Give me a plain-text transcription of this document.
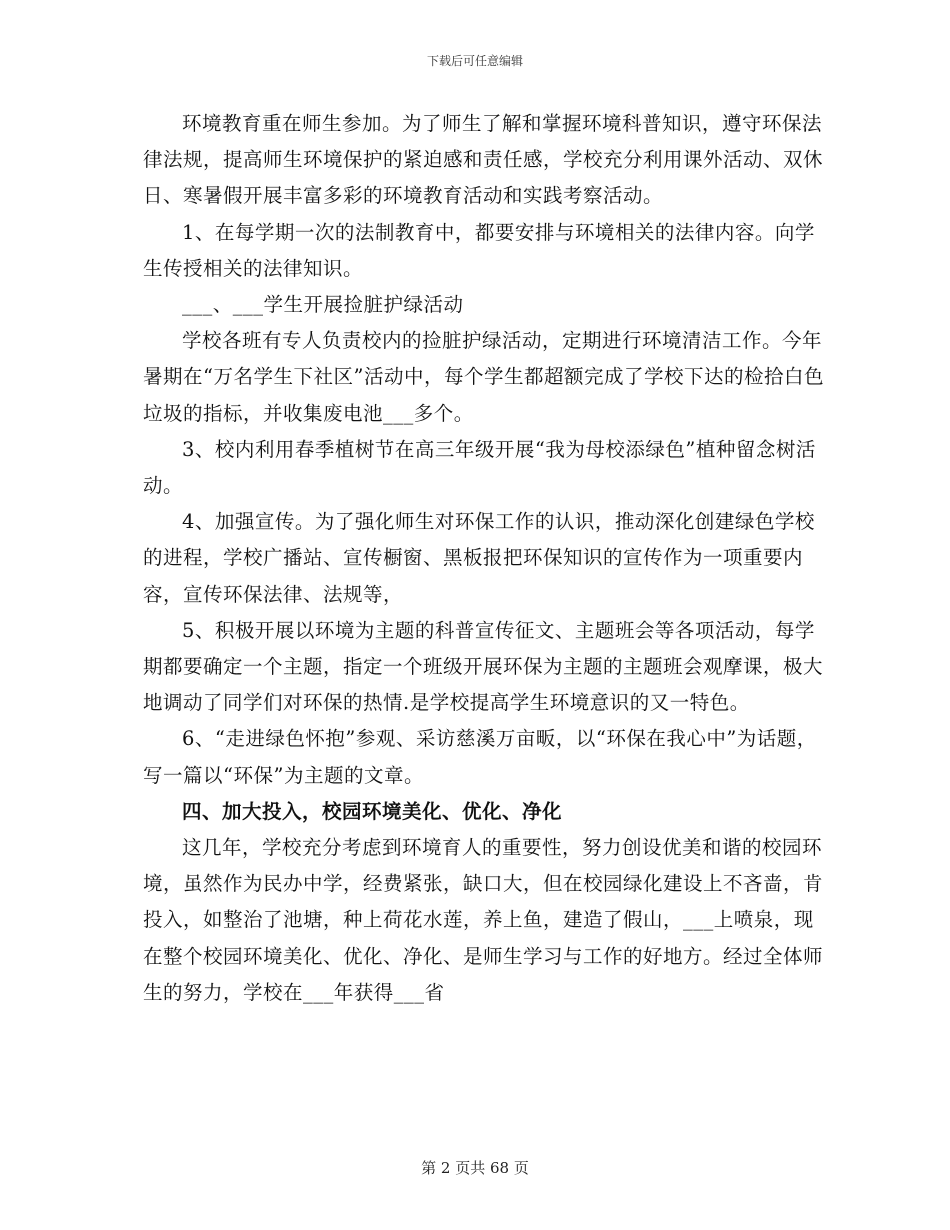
下载后可任意编辑

环境教育重在师生参加。为了师生了解和掌握环境科普知识，遵守环保法律法规，提高师生环境保护的紧迫感和责任感，学校充分利用课外活动、双休日、寒暑假开展丰富多彩的环境教育活动和实践考察活动。

1、在每学期一次的法制教育中，都要安排与环境相关的法律内容。向学生传授相关的法律知识。

___、___学生开展捡脏护绿活动

学校各班有专人负责校内的捡脏护绿活动，定期进行环境清洁工作。今年暑期在“万名学生下社区”活动中，每个学生都超额完成了学校下达的检拾白色垃圾的指标，并收集废电池___多个。

3、校内利用春季植树节在高三年级开展“我为母校添绿色”植种留念树活动。

4、加强宣传。为了强化师生对环保工作的认识，推动深化创建绿色学校的进程，学校广播站、宣传橱窗、黑板报把环保知识的宣传作为一项重要内容，宣传环保法律、法规等，

5、积极开展以环境为主题的科普宣传征文、主题班会等各项活动，每学期都要确定一个主题，指定一个班级开展环保为主题的主题班会观摩课，极大地调动了同学们对环保的热情.是学校提高学生环境意识的又一特色。

6、“走进绿色怀抱”参观、采访慈溪万亩畈，以“环保在我心中”为话题，写一篇以“环保”为主题的文章。

四、加大投入，校园环境美化、优化、净化

这几年，学校充分考虑到环境育人的重要性，努力创设优美和谐的校园环境，虽然作为民办中学，经费紧张，缺口大，但在校园绿化建设上不吝啬，肯投入，如整治了池塘，种上荷花水莲，养上鱼，建造了假山，___上喷泉，现在整个校园环境美化、优化、净化、是师生学习与工作的好地方。经过全体师生的努力，学校在___年获得___省

第 2 页共 68 页
